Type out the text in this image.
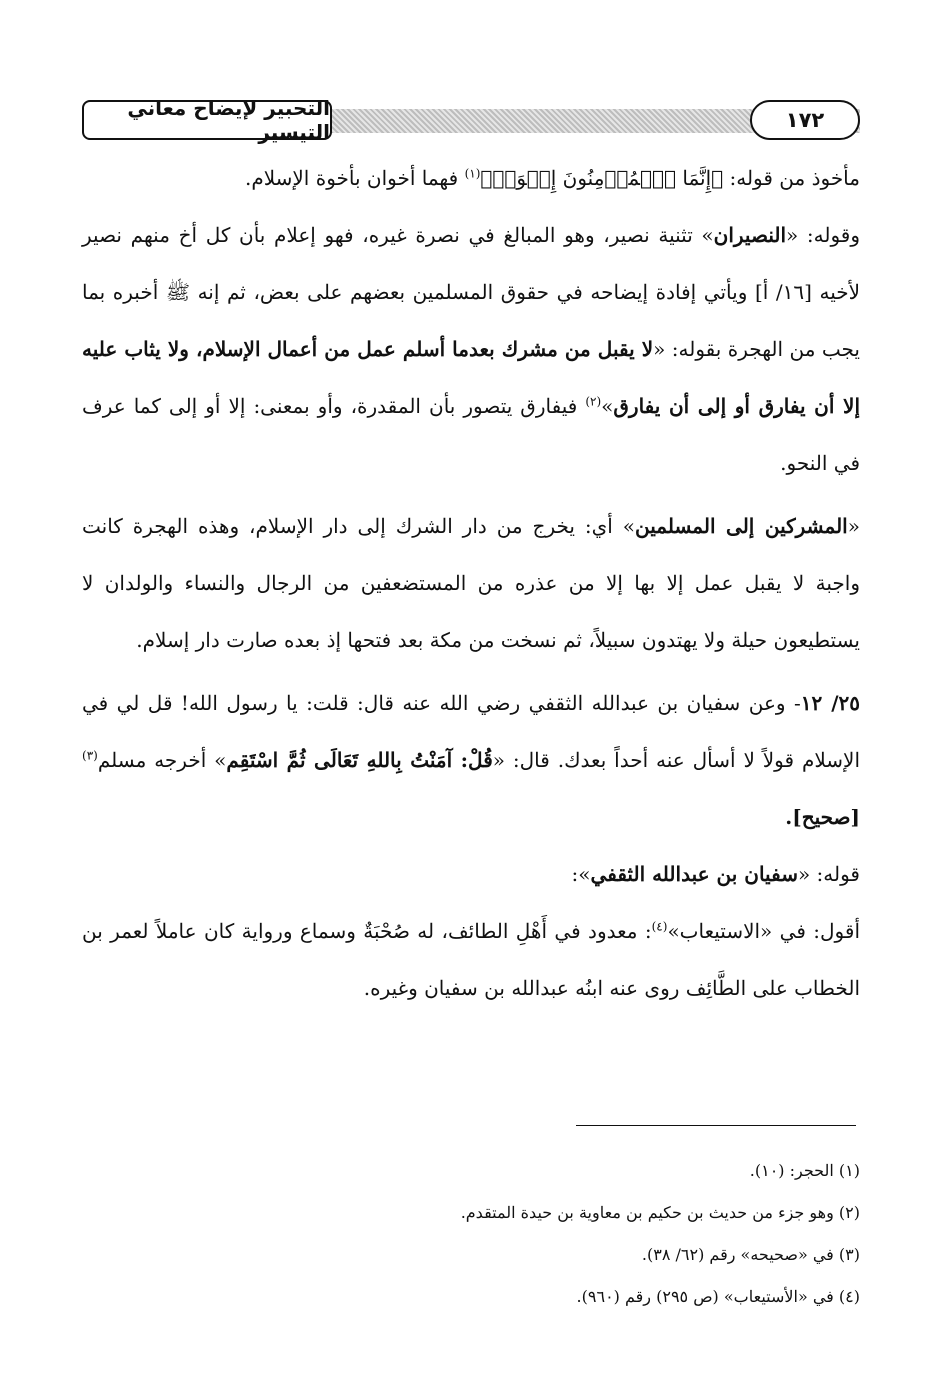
التحبير لإيضاح معاني التيسير	١٧٢

مأخوذ من قوله: ﴿إِنَّمَا ٱلۡمُؤۡمِنُونَ إِخۡوَةٞ﴾$^{(١)}$ فهما أخوان بأخوة الإسلام.

وقوله: «النصيران» تثنية نصير، وهو المبالغ في نصرة غيره، فهو إعلام بأن كل أخ منهم نصير لأخيه [١٦/ أ] ويأتي إفادة إيضاحه في حقوق المسلمين بعضهم على بعض، ثم إنه ﷺ أخبره بما يجب من الهجرة بقوله: «لا يقبل من مشرك بعدما أسلم عمل من أعمال الإسلام، ولا يثاب عليه إلا أن يفارق أو إلى أن يفارق»$^{(٢)}$ فيفارق يتصور بأن المقدرة، وأو بمعنى: إلا أو إلى كما عرف في النحو.

«المشركين إلى المسلمين» أي: يخرج من دار الشرك إلى دار الإسلام، وهذه الهجرة كانت واجبة لا يقبل عمل إلا بها إلا من عذره من المستضعفين من الرجال والنساء والولدان لا يستطيعون حيلة ولا يهتدون سبيلاً، ثم نسخت من مكة بعد فتحها إذ بعده صارت دار إسلام.

٢٥/ ١٢- وعن سفيان بن عبدالله الثقفي رضي الله عنه قال: قلت: يا رسول الله! قل لي في الإسلام قولاً لا أسأل عنه أحداً بعدك. قال: «قُلْ: آمَنْتُ بِاللهِ تَعَالَى ثُمَّ اسْتَقِم» أخرجه مسلم$^{(٣)}$ [صحيح].

قوله: «سفيان بن عبدالله الثقفي»:

أقول: في «الاستيعاب»$^{(٤)}$: معدود في أَهْلِ الطائف، له صُحْبَةٌ وسماع ورواية كان عاملاً لعمر بن الخطاب على الطَّائِف روى عنه ابنُه عبدالله بن سفيان وغيره.

(١) الحجر: (١٠).

(٢) وهو جزء من حديث بن حكيم بن معاوية بن حيدة المتقدم.

(٣) في «صحيحه» رقم (٦٢/ ٣٨).

(٤) في «الأستيعاب» (ص ٢٩٥) رقم (٩٦٠).
